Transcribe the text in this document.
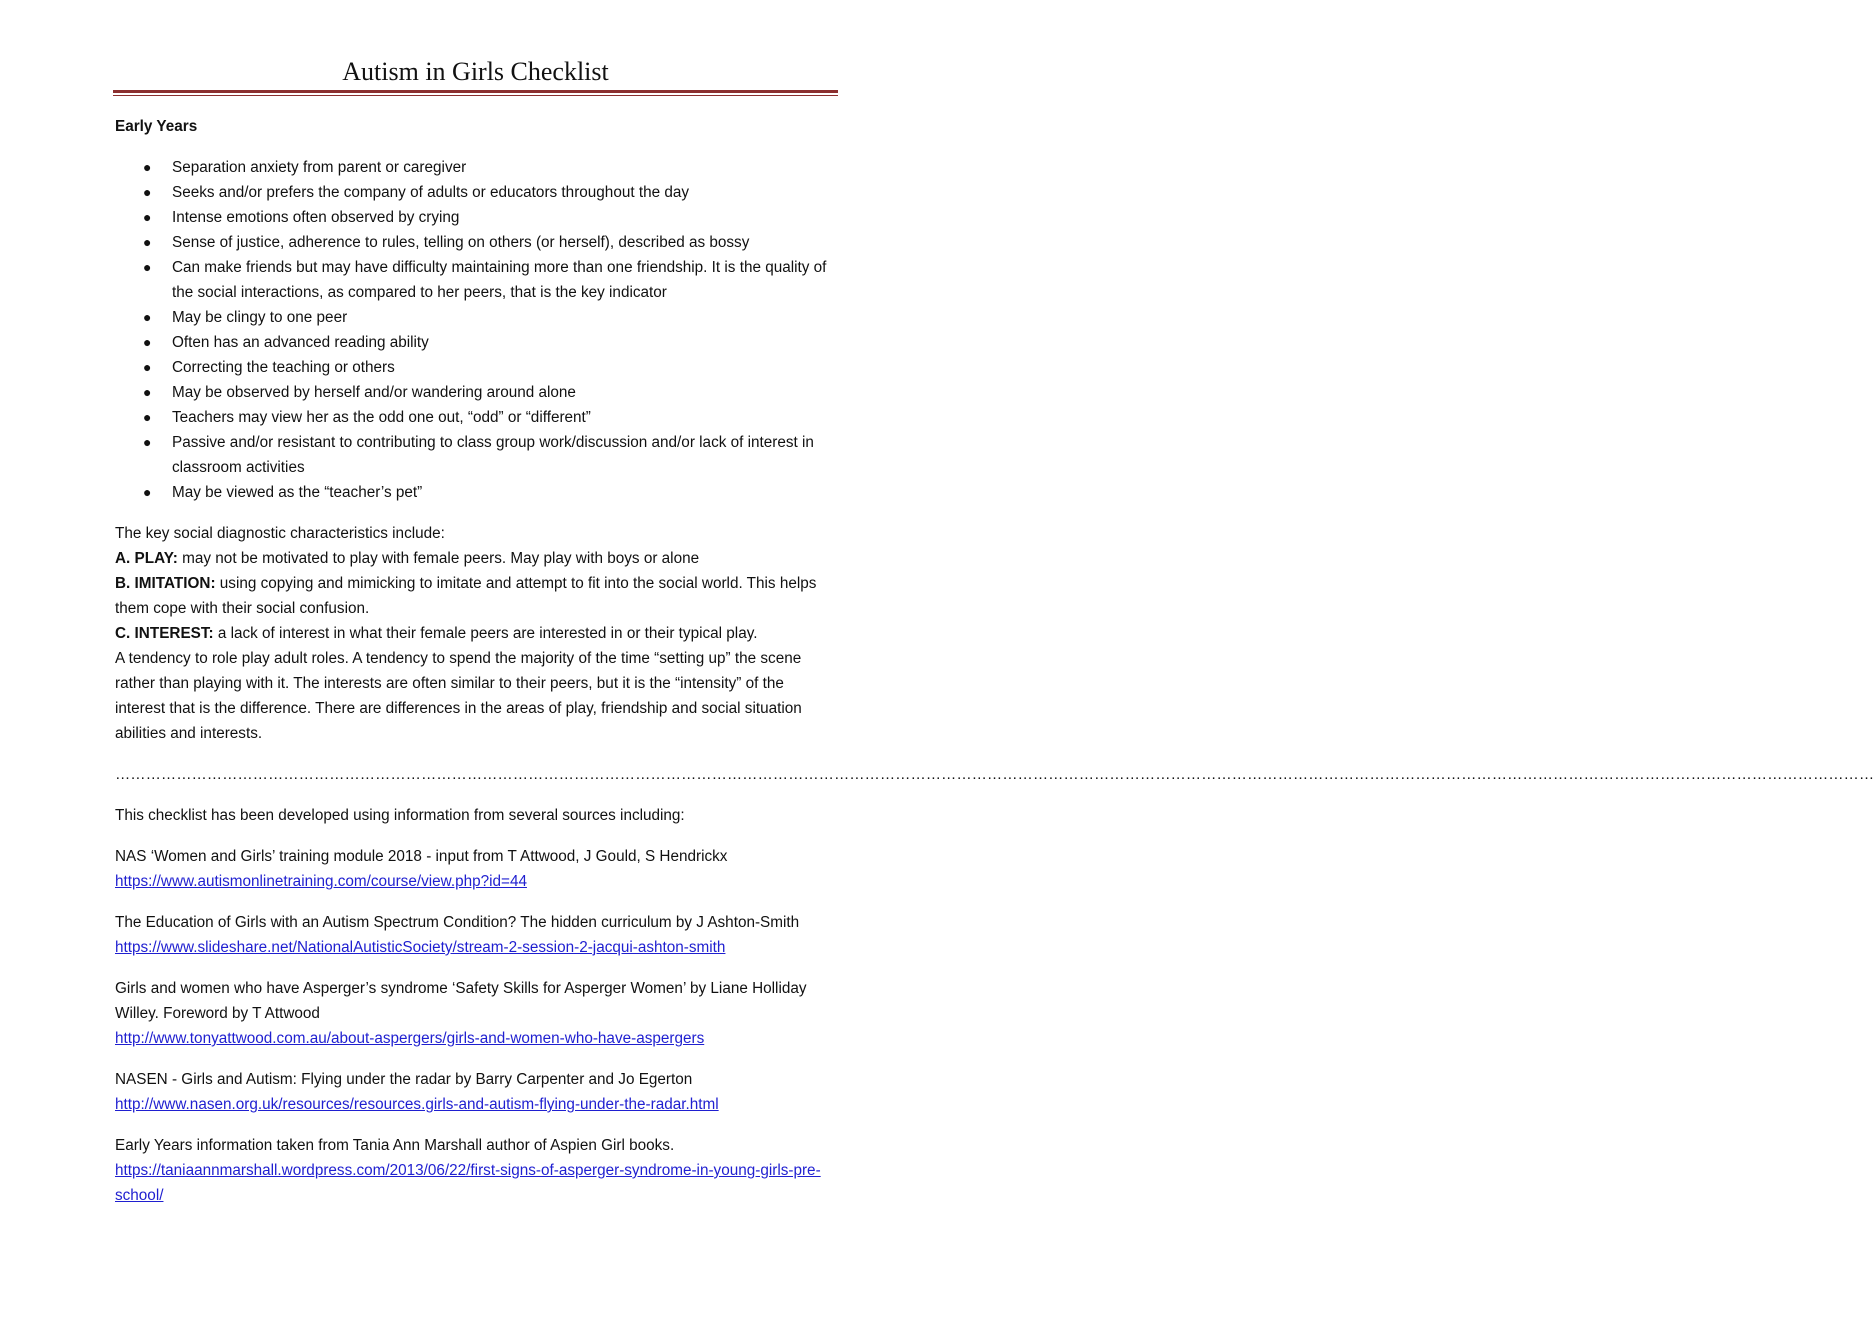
Autism in Girls Checklist

Early Years

● Separation anxiety from parent or caregiver
● Seeks and/or prefers the company of adults or educators throughout the day
● Intense emotions often observed by crying
● Sense of justice, adherence to rules, telling on others (or herself), described as bossy
● Can make friends but may have difficulty maintaining more than one friendship. It is the quality of the social interactions, as compared to her peers, that is the key indicator
● May be clingy to one peer
● Often has an advanced reading ability
● Correcting the teaching or others
● May be observed by herself and/or wandering around alone
● Teachers may view her as the odd one out, “odd” or “different”
● Passive and/or resistant to contributing to class group work/discussion and/or lack of interest in classroom activities
● May be viewed as the “teacher’s pet”

The key social diagnostic characteristics include:

A. PLAY: may not be motivated to play with female peers. May play with boys or alone

B. IMITATION: using copying and mimicking to imitate and attempt to fit into the social world. This helps them cope with their social confusion.

C. INTEREST: a lack of interest in what their female peers are interested in or their typical play.

A tendency to role play adult roles. A tendency to spend the majority of the time “setting up” the scene rather than playing with it. The interests are often similar to their peers, but it is the “intensity” of the interest that is the difference. There are differences in the areas of play, friendship and social situation abilities and interests.

…………………………………………………………………………………………………………………………………………………………………………………………………………………………………………………………………………………………………………………

This checklist has been developed using information from several sources including:

NAS ‘Women and Girls’ training module 2018 - input from T Attwood, J Gould, S Hendrickx
https://www.autismonlinetraining.com/course/view.php?id=44
The Education of Girls with an Autism Spectrum Condition? The hidden curriculum by J Ashton-Smith https://www.slideshare.net/NationalAutisticSociety/stream-2-session-2-jacqui-ashton-smith
Girls and women who have Asperger’s syndrome ‘Safety Skills for Asperger Women’ by Liane Holliday Willey. Foreword by T Attwood
http://www.tonyattwood.com.au/about-aspergers/girls-and-women-who-have-aspergers
NASEN - Girls and Autism: Flying under the radar by Barry Carpenter and Jo Egerton
http://www.nasen.org.uk/resources/resources.girls-and-autism-flying-under-the-radar.html
Early Years information taken from Tania Ann Marshall author of Aspien Girl books.
https://taniaannmarshall.wordpress.com/2013/06/22/first-signs-of-asperger-syndrome-in-young-girls-pre-school/
